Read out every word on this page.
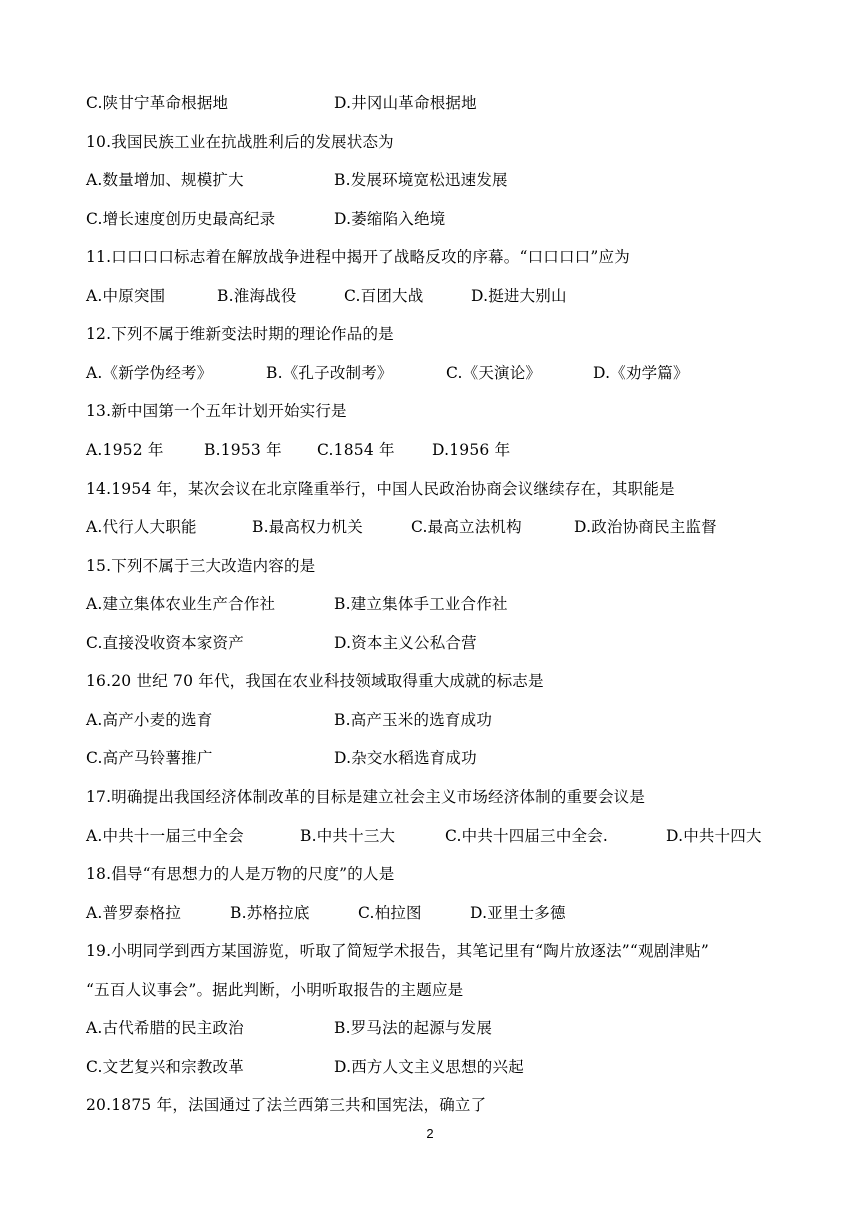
C.陕甘宁革命根据地	D.井冈山革命根据地
10.我国民族工业在抗战胜利后的发展状态为
A.数量增加、规模扩大	B.发展环境宽松迅速发展
C.增长速度创历史最高纪录	D.萎缩陷入绝境
11.口口口口标志着在解放战争进程中揭开了战略反攻的序幕。“口口口口”应为
A.中原突围	B.淮海战役	C.百团大战	D.挺进大别山
12.下列不属于维新变法时期的理论作品的是
A.《新学伪经考》	B.《孔子改制考》	C.《天演论》	D.《劝学篇》
13.新中国第一个五年计划开始实行是
A.1952 年	B.1953 年 C.1854 年 D.1956 年
14.1954 年，某次会议在北京隆重举行，中国人民政治协商会议继续存在，其职能是
A.代行人大职能	B.最高权力机关	C.最高立法机构	D.政治协商民主监督
15.下列不属于三大改造内容的是
A.建立集体农业生产合作社	B.建立集体手工业合作社
C.直接没收资本家资产	D.资本主义公私合营
16.20 世纪 70 年代，我国在农业科技领域取得重大成就的标志是
A.高产小麦的选育	B.高产玉米的选育成功
C.高产马铃薯推广	D.杂交水稻选育成功
17.明确提出我国经济体制改革的目标是建立社会主义市场经济体制的重要会议是
A.中共十一届三中全会	B.中共十三大	C.中共十四届三中全会.	D.中共十四大
18.倡导“有思想力的人是万物的尺度”的人是
A.普罗泰格拉	B.苏格拉底	C.柏拉图	D.亚里士多德
19.小明同学到西方某国游览，听取了简短学术报告，其笔记里有“陶片放逐法”“观剧津贴”
“五百人议事会”。据此判断，小明听取报告的主题应是
A.古代希腊的民主政治	B.罗马法的起源与发展
C.文艺复兴和宗教改革	D.西方人文主义思想的兴起
20.1875 年，法国通过了法兰西第三共和国宪法，确立了
2
